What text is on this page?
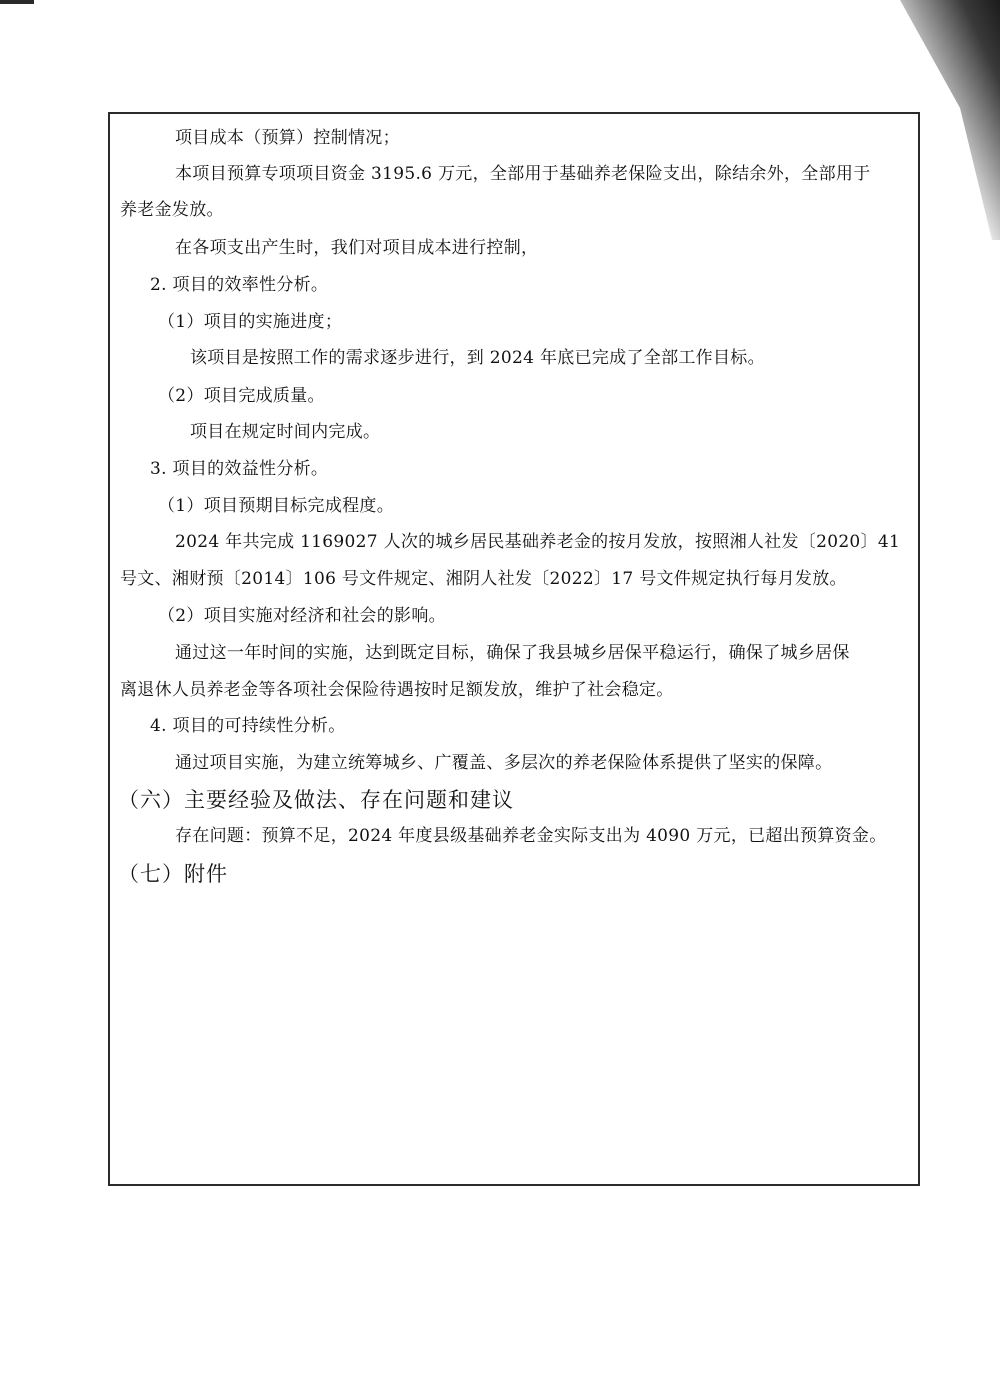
项目成本（预算）控制情况；
本项目预算专项项目资金 3195.6 万元，全部用于基础养老保险支出，除结余外，全部用于
养老金发放。
在各项支出产生时，我们对项目成本进行控制，
2. 项目的效率性分析。
（1）项目的实施进度；
该项目是按照工作的需求逐步进行，到 2024 年底已完成了全部工作目标。
（2）项目完成质量。
项目在规定时间内完成。
3. 项目的效益性分析。
（1）项目预期目标完成程度。
2024 年共完成 1169027 人次的城乡居民基础养老金的按月发放，按照湘人社发〔2020〕41
号文、湘财预〔2014〕106 号文件规定、湘阴人社发〔2022〕17 号文件规定执行每月发放。
（2）项目实施对经济和社会的影响。
通过这一年时间的实施，达到既定目标，确保了我县城乡居保平稳运行，确保了城乡居保
离退休人员养老金等各项社会保险待遇按时足额发放，维护了社会稳定。
4. 项目的可持续性分析。
通过项目实施，为建立统筹城乡、广覆盖、多层次的养老保险体系提供了坚实的保障。
（六）主要经验及做法、存在问题和建议
存在问题：预算不足，2024 年度县级基础养老金实际支出为 4090 万元，已超出预算资金。
（七）附件
